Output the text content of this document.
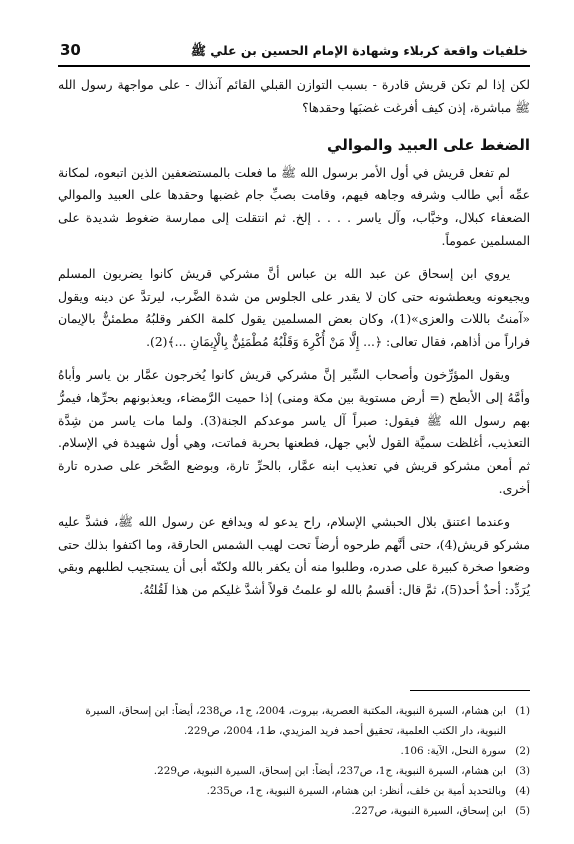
30	خلفيات واقعة كربلاء وشهادة الإمام الحسين بن علي ﷺ

لكن إذا لم تكن قريش قادرة - بسبب التوازن القبلي القائم آنذاك - على مواجهة رسول الله ﷺ مباشرة، إذن كيف أفرغت غضبَها وحقدها؟

الضغط على العبيد والموالي

لم تفعل قريش في أول الأمر برسول الله ﷺ ما فعلت بالمستضعفين الذين اتبعوه، لمكانة عمِّه أبي طالب وشرفه وجاهه فيهم، وقامت بصبِّ جام غضبها وحقدها على العبيد والموالي الضعفاء كبلال، وخبَّاب، وآل ياسر . . . . إلخ. ثم انتقلت إلى ممارسة ضغوط شديدة على المسلمين عموماً.

يروي ابن إسحاق عن عبد الله بن عباس أنَّ مشركي قريش كانوا يضربون المسلم ويجيعونه ويعطشونه حتى كان لا يقدر على الجلوس من شدة الضَّرب، ليرتدَّ عن دينه ويقول «آمنتُ باللات والعزى»(1)، وكان بعض المسلمين يقول كلمة الكفر وقلبُهُ مطمئنٌّ بالإيمان فراراً من أذاهم، فقال تعالى: ﴿... إِلَّا مَنْ أُكْرِهَ وَقَلْبُهُ مُطْمَئِنٌّ بِالْإِيمَانِ ...﴾(2).

ويقول المؤرِّخون وأصحاب السِّير إنَّ مشركي قريش كانوا يُخرجون عمَّار بن ياسر وأباهُ وأمَّهُ إلى الأبطح (= أرض مستوية بين مكة ومنى) إذا حميت الرَّمضاء، ويعذبونهم بحرِّها، فيمرُّ بهم رسول الله ﷺ فيقول: صبراً آل ياسر موعدكم الجنة(3). ولما مات ياسر من شِدَّة التعذيب، أغلظت سميَّة القول لأبي جهل، فطعنها بحربة فماتت، وهي أول شهيدة في الإسلام. ثم أمعن مشركو قريش في تعذيب ابنه عمَّار، بالحرِّ تارة، وبوضع الصَّخر على صدره تارة أخرى.

وعندما اعتنق بلال الحبشي الإسلام، راح يدعو له ويدافع عن رسول الله ﷺ، فشدَّ عليه مشركو قريش(4)، حتى أنَّهم طرحوه أرضاً تحت لهيب الشمس الحارقة، وما اكتفوا بذلك حتى وضعوا صخرة كبيرة على صدره، وطلبوا منه أن يكفر بالله ولكنّه أبى أن يستجيب لطلبهم وبقي يُرَدِّد: أحدٌ أحد(5)، ثمَّ قال: أقسمُ بالله لو علمتُ قولاً أشدَّ غليكم من هذا لَقُلتُهُ.

(1)
ابن هشام، السيرة النبوية، المكتبة العصرية، بيروت، 2004، ج1، ص238، أيضاً: ابن إسحاق، السيرة النبوية، دار الكتب العلمية، تحقيق أحمد فريد المزيدي، ط1، 2004، ص229.

(2)
سورة النحل، الآية: 106.

(3)
ابن هشام، السيرة النبوية، ج1، ص237، أيضاً: ابن إسحاق، السيرة النبوية، ص229.

(4)
وبالتحديد أمية بن خلف، أنظر: ابن هشام، السيرة النبوية، ج1، ص235.

(5)
ابن إسحاق، السيرة النبوية، ص227.
